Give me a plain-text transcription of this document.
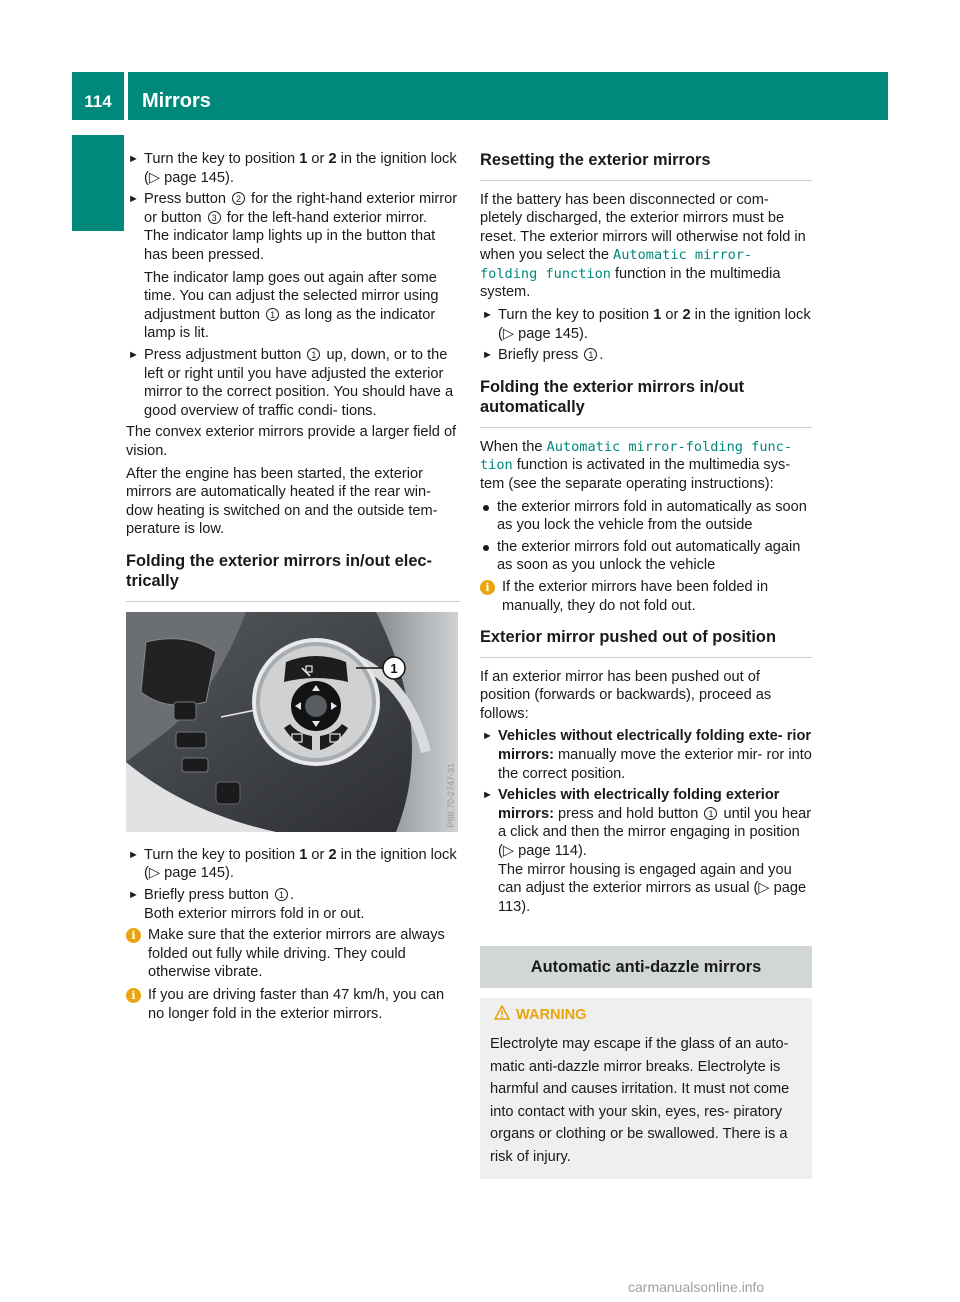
114	Mirrors
Seats, steering wheel and mirrors
► Turn the key to position 1 or 2 in the ignition lock (▷ page 145).
► Press button 2 for the right-hand exterior mirror or button 3 for the left-hand exterior mirror.
The indicator lamp lights up in the button that has been pressed.
The indicator lamp goes out again after some time. You can adjust the selected mirror using adjustment button 1 as long as the indicator lamp is lit.
► Press adjustment button 1 up, down, or to the left or right until you have adjusted the exterior mirror to the correct position. You should have a good overview of traffic condi- tions.

The convex exterior mirrors provide a larger field of vision.

After the engine has been started, the exterior mirrors are automatically heated if the rear win- dow heating is switched on and the outside tem- perature is low.

Folding the exterior mirrors in/out elec- trically
1
P88.70-2747-31
► Turn the key to position 1 or 2 in the ignition lock (▷ page 145).
► Briefly press button 1 .
Both exterior mirrors fold in or out.
i Make sure that the exterior mirrors are always folded out fully while driving. They could otherwise vibrate.
i If you are driving faster than 47 km/h, you can no longer fold in the exterior mirrors.
Resetting the exterior mirrors

If the battery has been disconnected or com- pletely discharged, the exterior mirrors must be reset. The exterior mirrors will otherwise not fold in when you select the Automatic mirror- folding function function in the multimedia system.

► Turn the key to position 1 or 2 in the ignition lock (▷ page 145).
► Briefly press 1 .
Folding the exterior mirrors in/out automatically

When the Automatic mirror-folding func- tion function is activated in the multimedia sys- tem (see the separate operating instructions):

the exterior mirrors fold in automatically as soon as you lock the vehicle from the outside
the exterior mirrors fold out automatically again as soon as you unlock the vehicle
i If the exterior mirrors have been folded in manually, they do not fold out.
Exterior mirror pushed out of position

If an exterior mirror has been pushed out of position (forwards or backwards), proceed as follows:

► Vehicles without electrically folding exte- rior mirrors: manually move the exterior mir- ror into the correct position.
► Vehicles with electrically folding exterior mirrors: press and hold button 1 until you hear a click and then the mirror engaging in position (▷ page 114).
The mirror housing is engaged again and you can adjust the exterior mirrors as usual (▷ page 113).
Automatic anti-dazzle mirrors
WARNING

Electrolyte may escape if the glass of an auto- matic anti-dazzle mirror breaks. Electrolyte is harmful and causes irritation. It must not come into contact with your skin, eyes, res- piratory organs or clothing or be swallowed. There is a risk of injury.

carmanualsonline.info
